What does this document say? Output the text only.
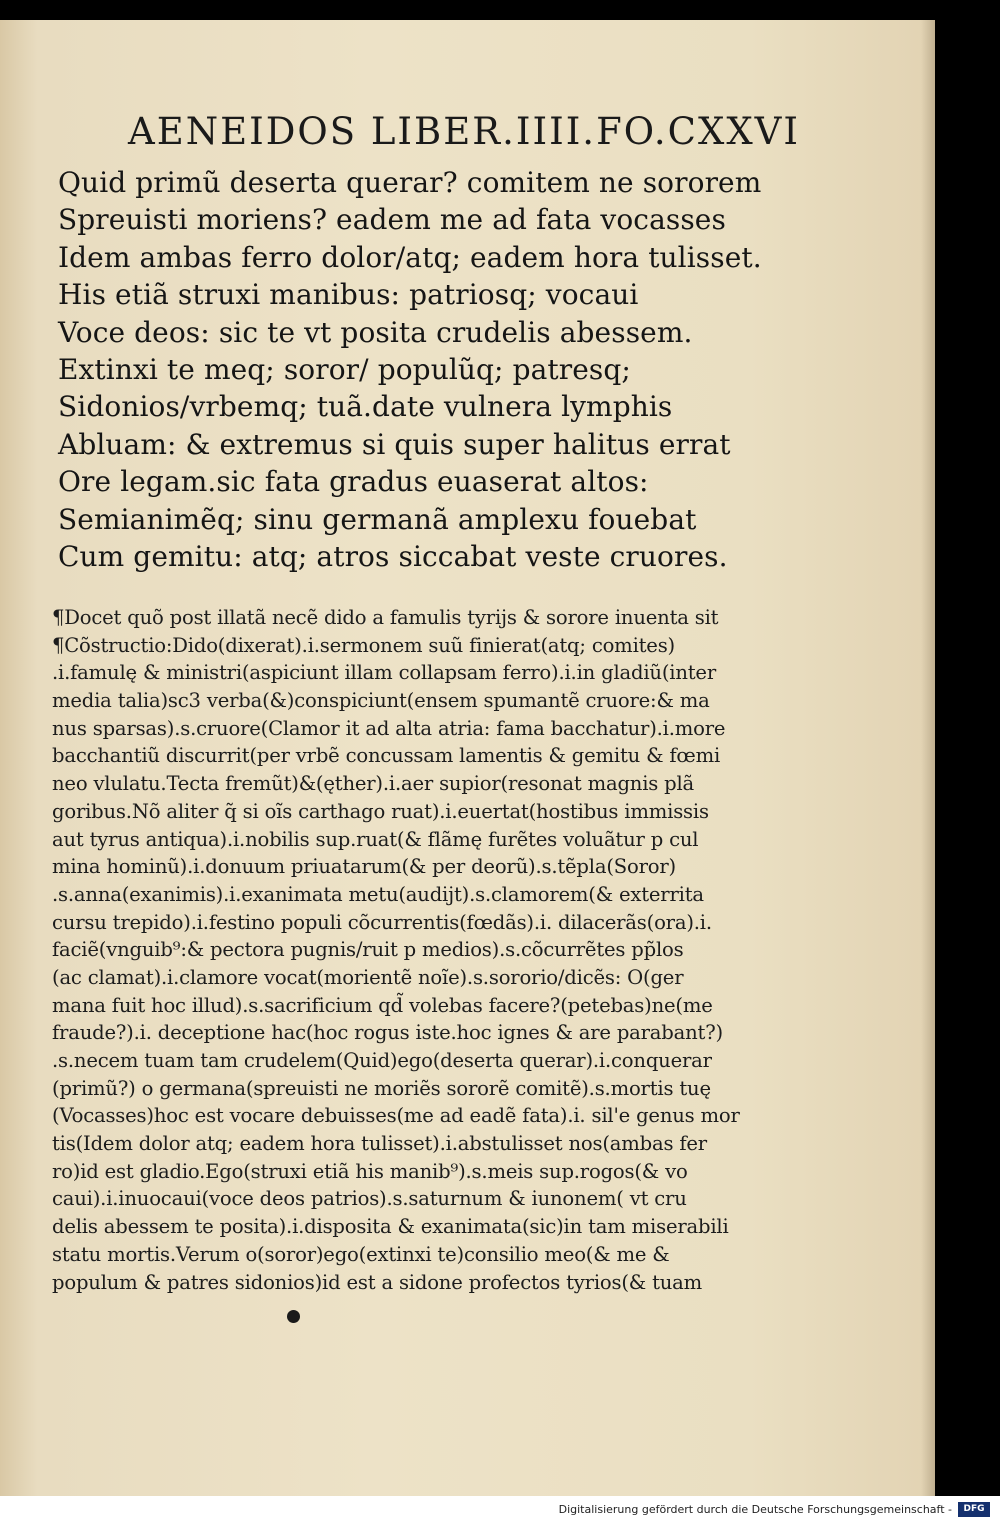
AENEIDOS LIBER.IIII. FO.CXXVI
Quid primũ deserta querar? comitem ne sororem
Spreuisti moriens? eadem me ad fata vocasses
Idem ambas ferro dolor/atq; eadem hora tulisset.
His etiã struxi manibus: patriosq; vocaui
Voce deos: sic te vt posita crudelis abessem.
Extinxi te meq; soror/ populũq; patresq;
Sidonios/vrbemq; tuã.date vulnera lymphis
Abluam: & extremus si quis super halitus errat
Ore legam.sic fata gradus euaserat altos:
Semianimẽq; sinu germanã amplexu fouebat
Cum gemitu: atq; atros siccabat veste cruores.
¶Docet quõ post illatã necẽ dido a famulis tyrijs & sorore inuenta sit
¶Cõstructio:Dido(dixerat).i.sermonem suũ finierat(atq; comites)
.i.famulę & ministri(aspiciunt illam collapsam ferro).i.in gladiũ(inter
media talia)sc3 verba(&)conspiciunt(ensem spumantẽ cruore:& ma
nus sparsas).s.cruore(Clamor it ad alta atria: fama bacchatur).i.more
bacchantiũ discurrit(per vrbẽ concussam lamentis & gemitu & fœmi
neo vlulatu.Tecta fremũt)&(ęther).i.aer supior(resonat magnis plã
goribus.Nõ aliter q̃ si oĩs carthago ruat).i.euertat(hostibus immissis
aut tyrus antiqua).i.nobilis sup.ruat(& flãmę furẽtes voluãtur p cul
mina hominũ).i.donuum priuatarum(& per deorũ).s.tẽpla(Soror)
.s.anna(exanimis).i.exanimata metu(audijt).s.clamorem(& exterrita
cursu trepido).i.festino populi cõcurrentis(fœdãs).i. dilacerãs(ora).i.
faciẽ(vnguib⁹:& pectora pugnis/ruit p medios).s.cõcurrẽtes pp̃los
(ac clamat).i.clamore vocat(morientẽ noĩe).s.sororio/dicẽs: O(ger
mana fuit hoc illud).s.sacrificium qd̃ volebas facere?(petebas)ne(me
fraude?).i. deceptione hac(hoc rogus iste.hoc ignes & are parabant?)
.s.necem tuam tam crudelem(Quid)ego(deserta querar).i.conquerar
(primũ?) o germana(spreuisti ne moriẽs sororẽ comitẽ).s.mortis tuę
(Vocasses)hoc est vocare debuisses(me ad eadẽ fata).i. sil'e genus mor
tis(Idem dolor atq; eadem hora tulisset).i.abstulisset nos(ambas fer
ro)id est gladio.Ego(struxi etiã his manib⁹).s.meis sup.rogos(& vo
caui).i.inuocaui(voce deos patrios).s.saturnum & iunonem( vt cru
delis abessem te posita).i.disposita & exanimata(sic)in tam miserabili
statu mortis.Verum o(soror)ego(extinxi te)consilio meo(& me &
populum & patres sidonios)id est a sidone profectos tyrios(& tuam
Digitalisierung gefördert durch die Deutsche Forschungsgemeinschaft -	DFG
